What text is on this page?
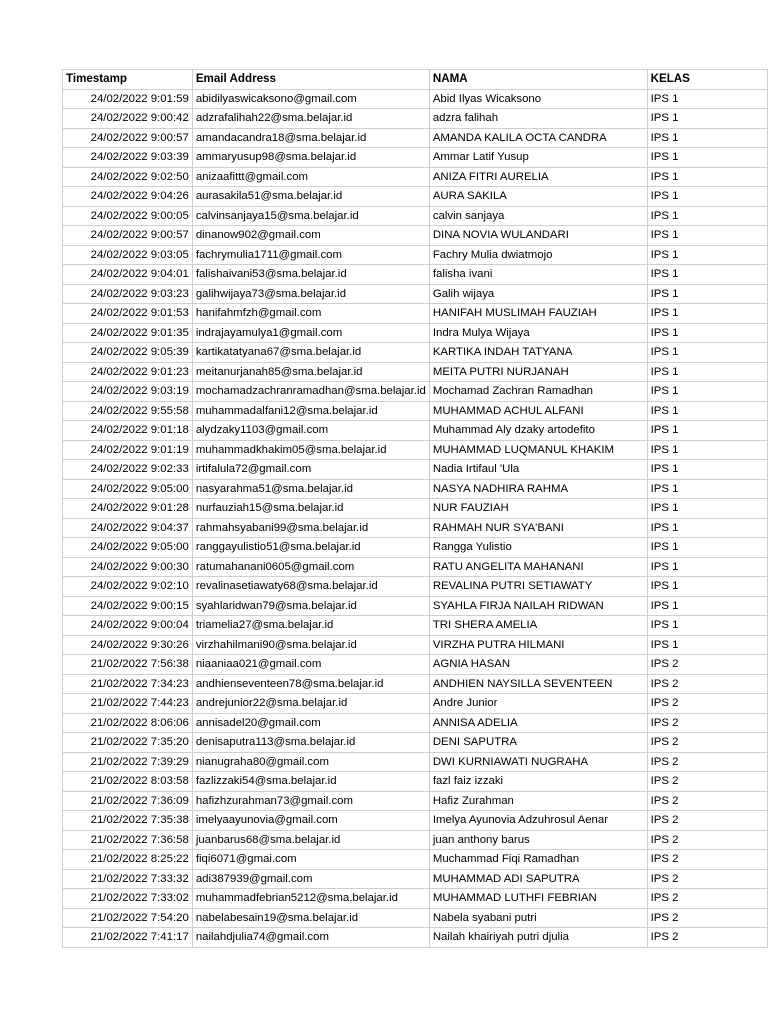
Timestamp	Email Address	NAMA	KELAS
24/02/2022 9:01:59	abidilyaswicaksono@gmail.com	Abid Ilyas Wicaksono	IPS 1
24/02/2022 9:00:42	adzrafalihah22@sma.belajar.id	adzra falihah	IPS 1
24/02/2022 9:00:57	amandacandra18@sma.belajar.id	AMANDA KALILA OCTA CANDRA	IPS 1
24/02/2022 9:03:39	ammaryusup98@sma.belajar.id	Ammar Latif Yusup	IPS 1
24/02/2022 9:02:50	anizaafittt@gmail.com	ANIZA FITRI AURELIA	IPS 1
24/02/2022 9:04:26	aurasakila51@sma.belajar.id	AURA SAKILA	IPS 1
24/02/2022 9:00:05	calvinsanjaya15@sma.belajar.id	calvin sanjaya	IPS 1
24/02/2022 9:00:57	dinanow902@gmail.com	DINA NOVIA WULANDARI	IPS 1
24/02/2022 9:03:05	fachrymulia1711@gmail.com	Fachry Mulia dwiatmojo	IPS 1
24/02/2022 9:04:01	falishaivani53@sma.belajar.id	falisha ivani	IPS 1
24/02/2022 9:03:23	galihwijaya73@sma.belajar.id	Galih wijaya	IPS 1
24/02/2022 9:01:53	hanifahmfzh@gmail.com	HANIFAH MUSLIMAH FAUZIAH	IPS 1
24/02/2022 9:01:35	indrajayamulya1@gmail.com	Indra Mulya Wijaya	IPS 1
24/02/2022 9:05:39	kartikatatyana67@sma.belajar.id	KARTIKA INDAH TATYANA	IPS 1
24/02/2022 9:01:23	meitanurjanah85@sma.belajar.id	MEITA PUTRI NURJANAH	IPS 1
24/02/2022 9:03:19	mochamadzachranramadhan@sma.belajar.id	Mochamad Zachran Ramadhan	IPS 1
24/02/2022 9:55:58	muhammadalfani12@sma.belajar.id	MUHAMMAD ACHUL ALFANI	IPS 1
24/02/2022 9:01:18	alydzaky1103@gmail.com	Muhammad Aly dzaky artodefito	IPS 1
24/02/2022 9:01:19	muhammadkhakim05@sma.belajar.id	MUHAMMAD LUQMANUL KHAKIM	IPS 1
24/02/2022 9:02:33	irtifalula72@gmail.com	Nadia Irtifaul 'Ula	IPS 1
24/02/2022 9:05:00	nasyarahma51@sma.belajar.id	NASYA NADHIRA RAHMA	IPS 1
24/02/2022 9:01:28	nurfauziah15@sma.belajar.id	NUR FAUZIAH	IPS 1
24/02/2022 9:04:37	rahmahsyabani99@sma.belajar.id	RAHMAH NUR SYA'BANI	IPS 1
24/02/2022 9:05:00	ranggayulistio51@sma.belajar.id	Rangga Yulistio	IPS 1
24/02/2022 9:00:30	ratumahanani0605@gmail.com	RATU ANGELITA MAHANANI	IPS 1
24/02/2022 9:02:10	revalinasetiawaty68@sma.belajar.id	REVALINA PUTRI SETIAWATY	IPS 1
24/02/2022 9:00:15	syahlaridwan79@sma.belajar.id	SYAHLA FIRJA NAILAH RIDWAN	IPS 1
24/02/2022 9:00:04	triamelia27@sma.belajar.id	TRI SHERA AMELIA	IPS 1
24/02/2022 9:30:26	virzhahilmani90@sma.belajar.id	VIRZHA PUTRA HILMANI	IPS 1
21/02/2022 7:56:38	niaaniaa021@gmail.com	AGNIA HASAN	IPS 2
21/02/2022 7:34:23	andhienseventeen78@sma.belajar.id	ANDHIEN NAYSILLA SEVENTEEN	IPS 2
21/02/2022 7:44:23	andrejunior22@sma.belajar.id	Andre Junior	IPS 2
21/02/2022 8:06:06	annisadel20@gmail.com	ANNISA ADELIA	IPS 2
21/02/2022 7:35:20	denisaputra113@sma.belajar.id	DENI SAPUTRA	IPS 2
21/02/2022 7:39:29	nianugraha80@gmail.com	DWI KURNIAWATI NUGRAHA	IPS 2
21/02/2022 8:03:58	fazlizzaki54@sma.belajar.id	fazl faiz izzaki	IPS 2
21/02/2022 7:36:09	hafizhzurahman73@gmail.com	Hafiz Zurahman	IPS 2
21/02/2022 7:35:38	imelyaayunovia@gmail.com	Imelya Ayunovia Adzuhrosul Aenar	IPS 2
21/02/2022 7:36:58	juanbarus68@sma.belajar.id	juan anthony barus	IPS 2
21/02/2022 8:25:22	fiqi6071@gmai.com	Muchammad Fiqi Ramadhan	IPS 2
21/02/2022 7:33:32	adi387939@gmail.com	MUHAMMAD ADI SAPUTRA	IPS 2
21/02/2022 7:33:02	muhammadfebrian5212@sma.belajar.id	MUHAMMAD LUTHFI FEBRIAN	IPS 2
21/02/2022 7:54:20	nabelabesain19@sma.belajar.id	Nabela syabani putri	IPS 2
21/02/2022 7:41:17	nailahdjulia74@gmail.com	Nailah khairiyah putri djulia	IPS 2
